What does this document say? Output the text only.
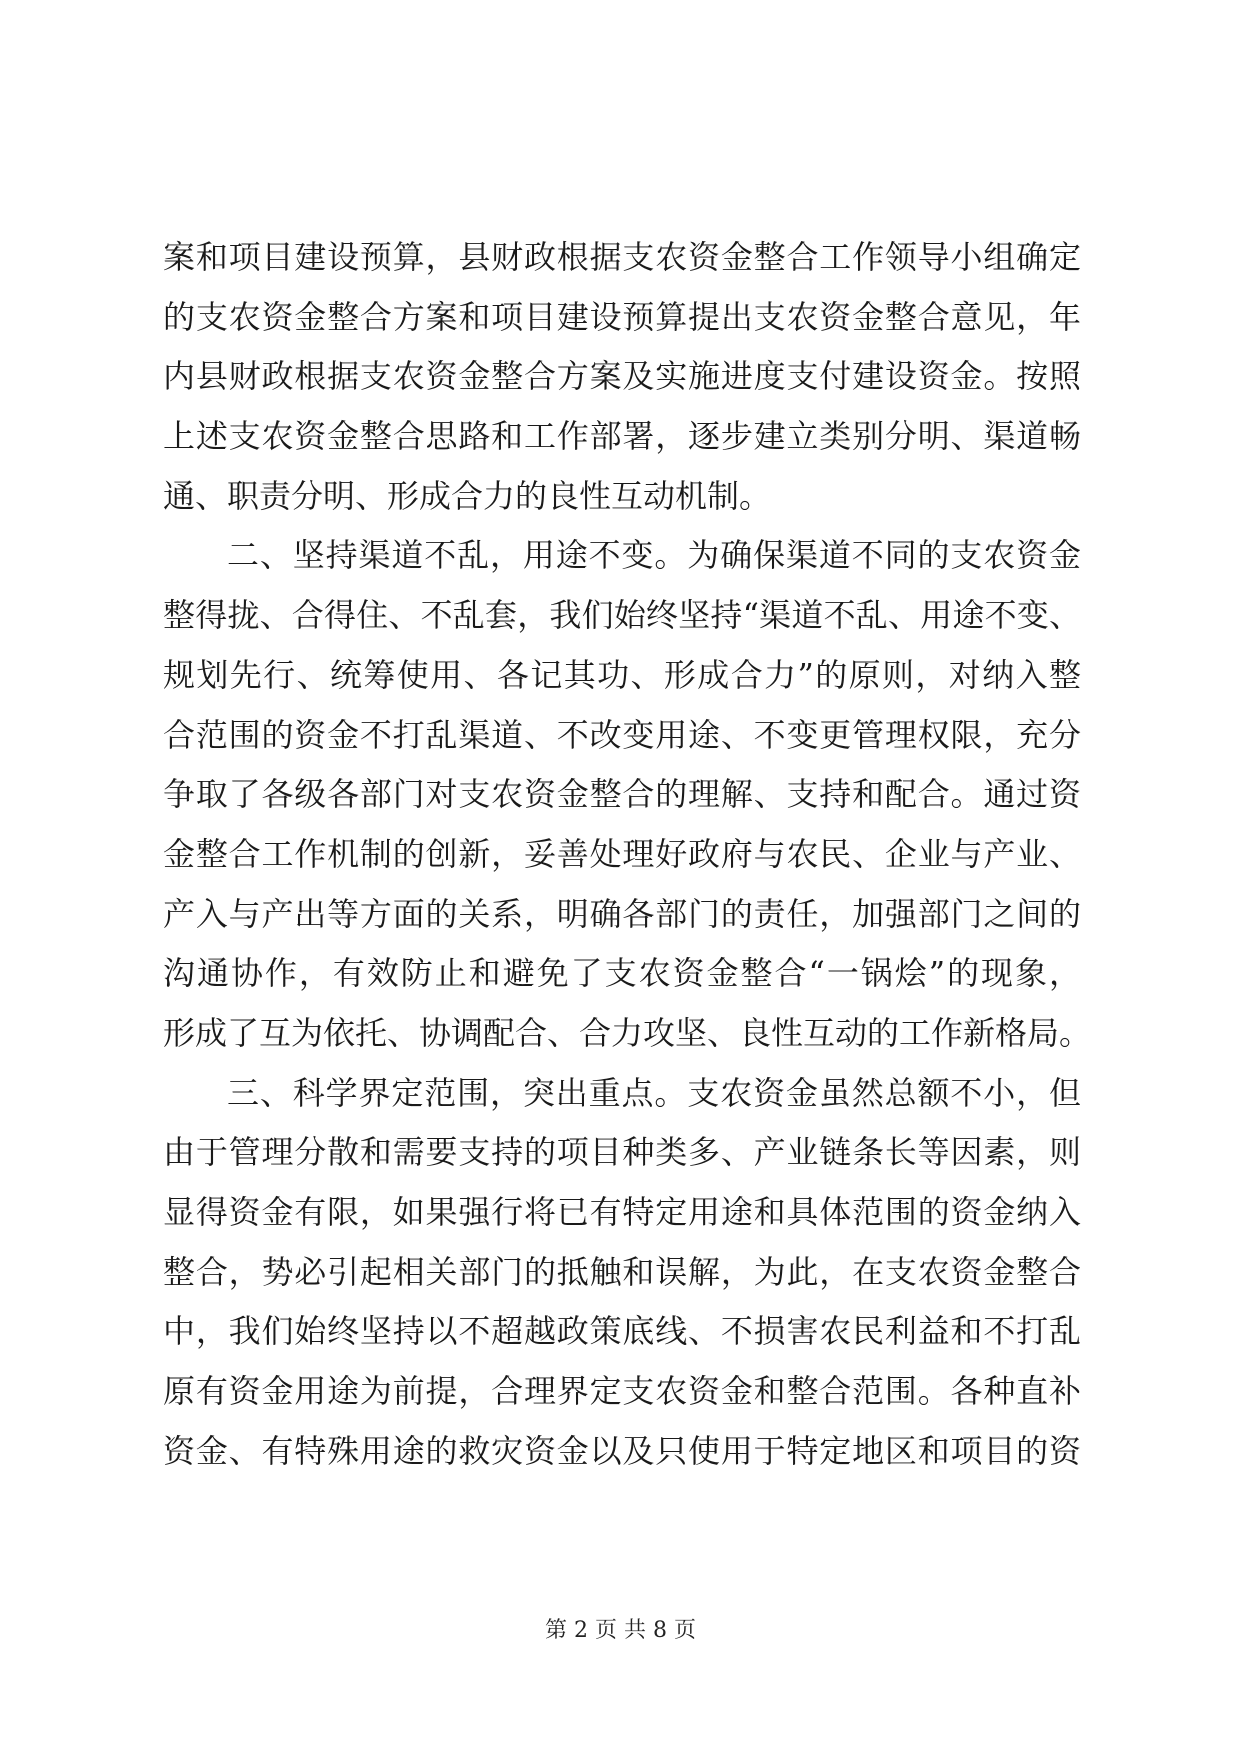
案和项目建设预算，县财政根据支农资金整合工作领导小组确定
的支农资金整合方案和项目建设预算提出支农资金整合意见，年
内县财政根据支农资金整合方案及实施进度支付建设资金。按照
上述支农资金整合思路和工作部署，逐步建立类别分明、渠道畅
通、职责分明、形成合力的良性互动机制。
二、坚持渠道不乱，用途不变。为确保渠道不同的支农资金
整得拢、合得住、不乱套，我们始终坚持“渠道不乱、用途不变、
规划先行、统筹使用、各记其功、形成合力”的原则，对纳入整
合范围的资金不打乱渠道、不改变用途、不变更管理权限，充分
争取了各级各部门对支农资金整合的理解、支持和配合。通过资
金整合工作机制的创新，妥善处理好政府与农民、企业与产业、
产入与产出等方面的关系，明确各部门的责任，加强部门之间的
沟通协作，有效防止和避免了支农资金整合“一锅烩”的现象，
形成了互为依托、协调配合、合力攻坚、良性互动的工作新格局。
三、科学界定范围，突出重点。支农资金虽然总额不小，但
由于管理分散和需要支持的项目种类多、产业链条长等因素，则
显得资金有限，如果强行将已有特定用途和具体范围的资金纳入
整合，势必引起相关部门的抵触和误解，为此，在支农资金整合
中，我们始终坚持以不超越政策底线、不损害农民利益和不打乱
原有资金用途为前提，合理界定支农资金和整合范围。各种直补
资金、有特殊用途的救灾资金以及只使用于特定地区和项目的资
第 2 页 共 8 页
